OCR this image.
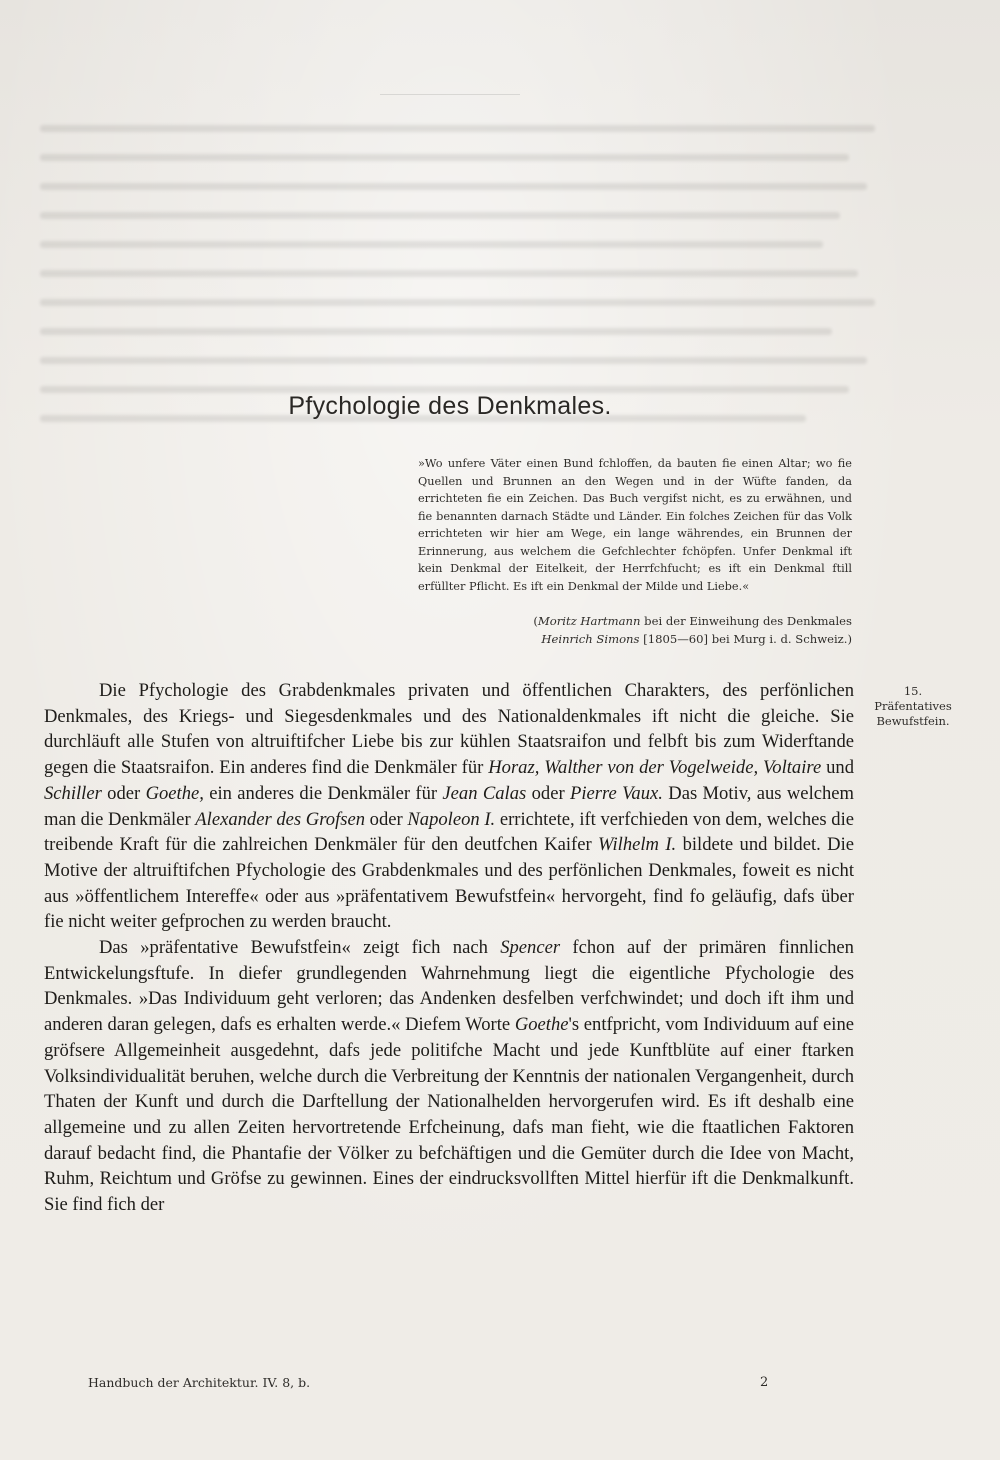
Pfychologie des Denkmales.

»Wo unfere Väter einen Bund fchloffen, da bauten fie einen Altar; wo fie Quellen und Brunnen an den Wegen und in der Wüfte fanden, da errichteten fie ein Zeichen. Das Buch vergifst nicht, es zu erwähnen, und fie benannten darnach Städte und Länder. Ein folches Zeichen für das Volk errichteten wir hier am Wege, ein lange währendes, ein Brunnen der Erinnerung, aus welchem die Gefchlechter fchöpfen. Unfer Denkmal ift kein Denkmal der Eitelkeit, der Herrfchfucht; es ift ein Denkmal ftill erfüllter Pflicht. Es ift ein Denkmal der Milde und Liebe.«

(Moritz Hartmann bei der Einweihung des Denkmales
Heinrich Simons [1805—60] bei Murg i. d. Schweiz.)
15.
Präfentatives
Bewufstfein.

Die Pfychologie des Grabdenkmales privaten und öffentlichen Charakters, des perfönlichen Denkmales, des Kriegs- und Siegesdenkmales und des Nationaldenkmales ift nicht die gleiche. Sie durchläuft alle Stufen von altruiftifcher Liebe bis zur kühlen Staatsraifon und felbft bis zum Widerftande gegen die Staatsraifon. Ein anderes find die Denkmäler für Horaz, Walther von der Vogelweide, Voltaire und Schiller oder Goethe, ein anderes die Denkmäler für Jean Calas oder Pierre Vaux. Das Motiv, aus welchem man die Denkmäler Alexander des Grofsen oder Napoleon I. errichtete, ift verfchieden von dem, welches die treibende Kraft für die zahlreichen Denkmäler für den deutfchen Kaifer Wilhelm I. bildete und bildet. Die Motive der altruiftifchen Pfychologie des Grabdenkmales und des perfönlichen Denkmales, foweit es nicht aus »öffentlichem Intereffe« oder aus »präfentativem Bewufstfein« hervorgeht, find fo geläufig, dafs über fie nicht weiter gefprochen zu werden braucht.

Das »präfentative Bewufstfein« zeigt fich nach Spencer fchon auf der primären finnlichen Entwickelungsftufe. In diefer grundlegenden Wahrnehmung liegt die eigentliche Pfychologie des Denkmales. »Das Individuum geht verloren; das Andenken desfelben verfchwindet; und doch ift ihm und anderen daran gelegen, dafs es erhalten werde.« Diefem Worte Goethe's entfpricht, vom Individuum auf eine gröfsere Allgemeinheit ausgedehnt, dafs jede politifche Macht und jede Kunftblüte auf einer ftarken Volksindividualität beruhen, welche durch die Verbreitung der Kenntnis der nationalen Vergangenheit, durch Thaten der Kunft und durch die Darftellung der Nationalhelden hervorgerufen wird. Es ift deshalb eine allgemeine und zu allen Zeiten hervortretende Erfcheinung, dafs man fieht, wie die ftaatlichen Faktoren darauf bedacht find, die Phantafie der Völker zu befchäftigen und die Gemüter durch die Idee von Macht, Ruhm, Reichtum und Gröfse zu gewinnen. Eines der eindrucksvollften Mittel hierfür ift die Denkmalkunft. Sie find fich der

Handbuch der Architektur. IV. 8, b.	2
